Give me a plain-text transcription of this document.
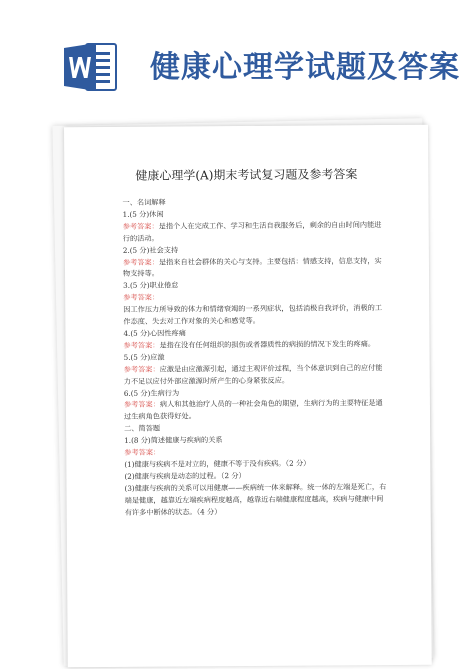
健康心理学试题及答案
健康心理学(A)期末考试复习题及参考答案
一、名词解释
1.(5 分)休闲
参考答案：是指个人在完成工作、学习和生活自我服务后，剩余的自由时间内能进行的活动。
2.(5 分)社会支持
参考答案：是指来自社会群体的关心与支持。主要包括：情感支持，信息支持，实物支持等。
3.(5 分)职业倦怠
参考答案：
因工作压力所导致的体力和情绪衰竭的一系列症状，包括消极自我评价，消极的工作态度、失去对工作对象的关心和感觉等。
4.(5 分)心因性疼痛
参考答案：是指在没有任何组织的损伤或者器质性的病损的情况下发生的疼痛。
5.(5 分)应激
参考答案：应激是由应激源引起，通过主观评价过程，当个体意识到自己的应付能力不足以应付外部应激源时所产生的心身紧张反应。
6.(5 分)生病行为
参考答案：病人和其他治疗人员的一种社会角色的期望，生病行为的主要特征是通过生病角色获得好处。
二、简答题
1.(8 分)简述健康与疾病的关系
参考答案：
(1)健康与疾病不是对立的，健康不等于没有疾病。（2 分）
(2)健康与疾病是动态的过程。（2 分）
(3)健康与疾病的关系可以用健康——疾病统一体来解释。统一体的左端是死亡，右端是健康，越靠近左端疾病程度越高，越靠近右端健康程度越高，疾病与健康中间有许多中断体的状态。（4 分）
